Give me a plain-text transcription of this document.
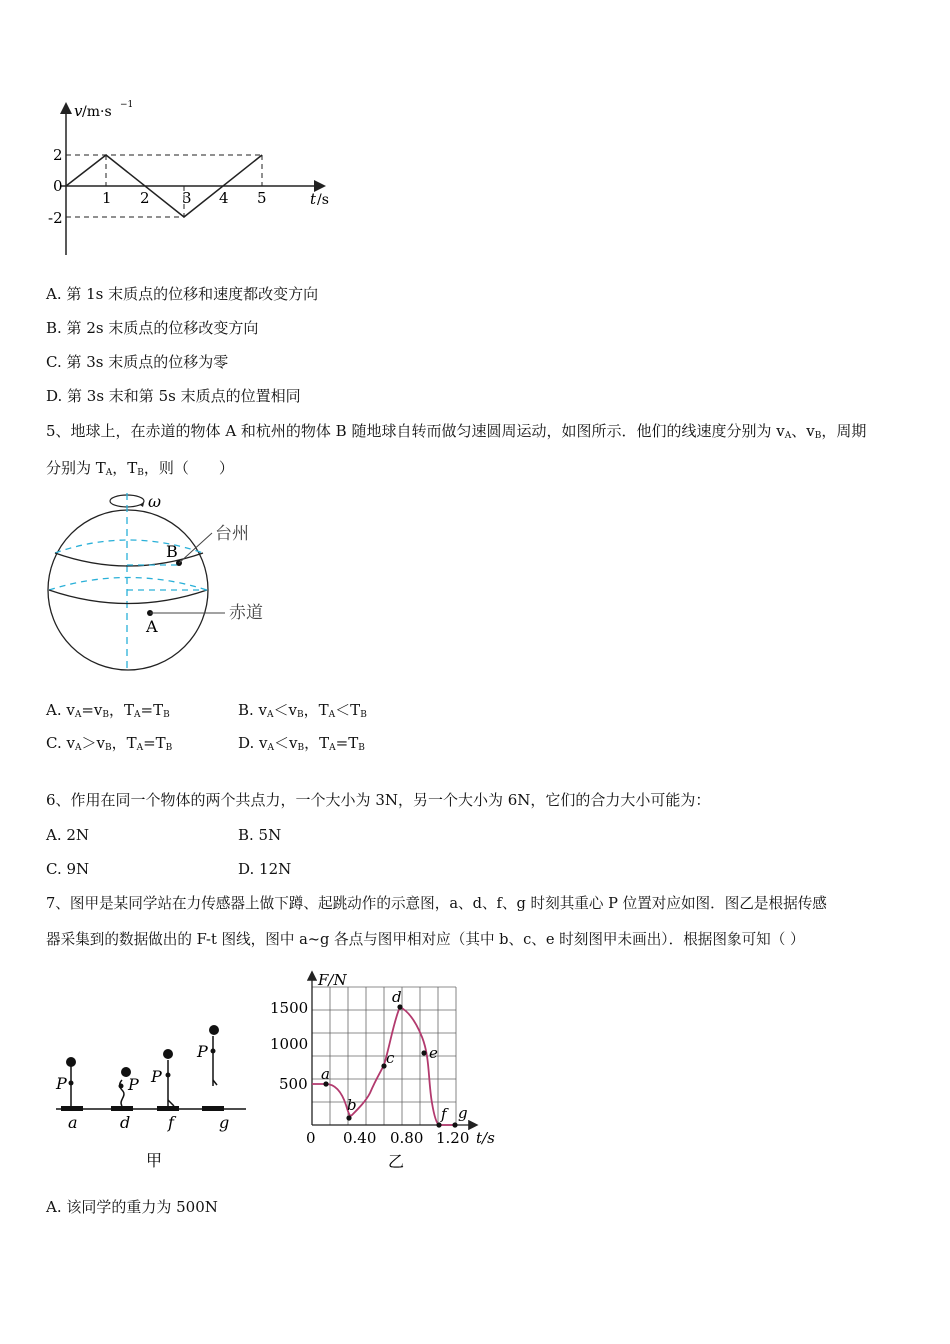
v /m·s −1
t /s
2
0
-2
1 2 3 4 5
A. 第 1s 末质点的位移和速度都改变方向
B. 第 2s 末质点的位移改变方向
C. 第 3s 末质点的位移为零
D. 第 3s 末和第 5s 末质点的位置相同
5、地球上，在赤道的物体 A 和杭州的物体 B 随地球自转而做匀速圆周运动，如图所示．他们的线速度分别为 $v_A$、$v_B$，周期
分别为 $T_A$，$T_B$，则（　　）
ω
B
A
台州
赤道
A. $v_A=v_B$，$T_A=T_B$	B. $v_A<v_B$，$T_A<T_B$
C. $v_A>v_B$，$T_A=T_B$	D. $v_A<v_B$，$T_A=T_B$
6、作用在同一个物体的两个共点力，一个大小为 3N，另一个大小为 6N，它们的合力大小可能为：
A. 2N	B. 5N
C. 9N	D. 12N
7、图甲是某同学站在力传感器上做下蹲、起跳动作的示意图，a、d、f、g 时刻其重心 P 位置对应如图．图乙是根据传感
器采集到的数据做出的 F-t 图线，图中 a~g 各点与图甲相对应（其中 b、c、e 时刻图甲未画出）．根据图象可知（ ）
P
a
P
d
P
f
P
g
甲
a
b
c
d
e
f g
F/N
t/s
1500
1000
500
0 0.40 0.80 1.20
乙
A. 该同学的重力为 500N
